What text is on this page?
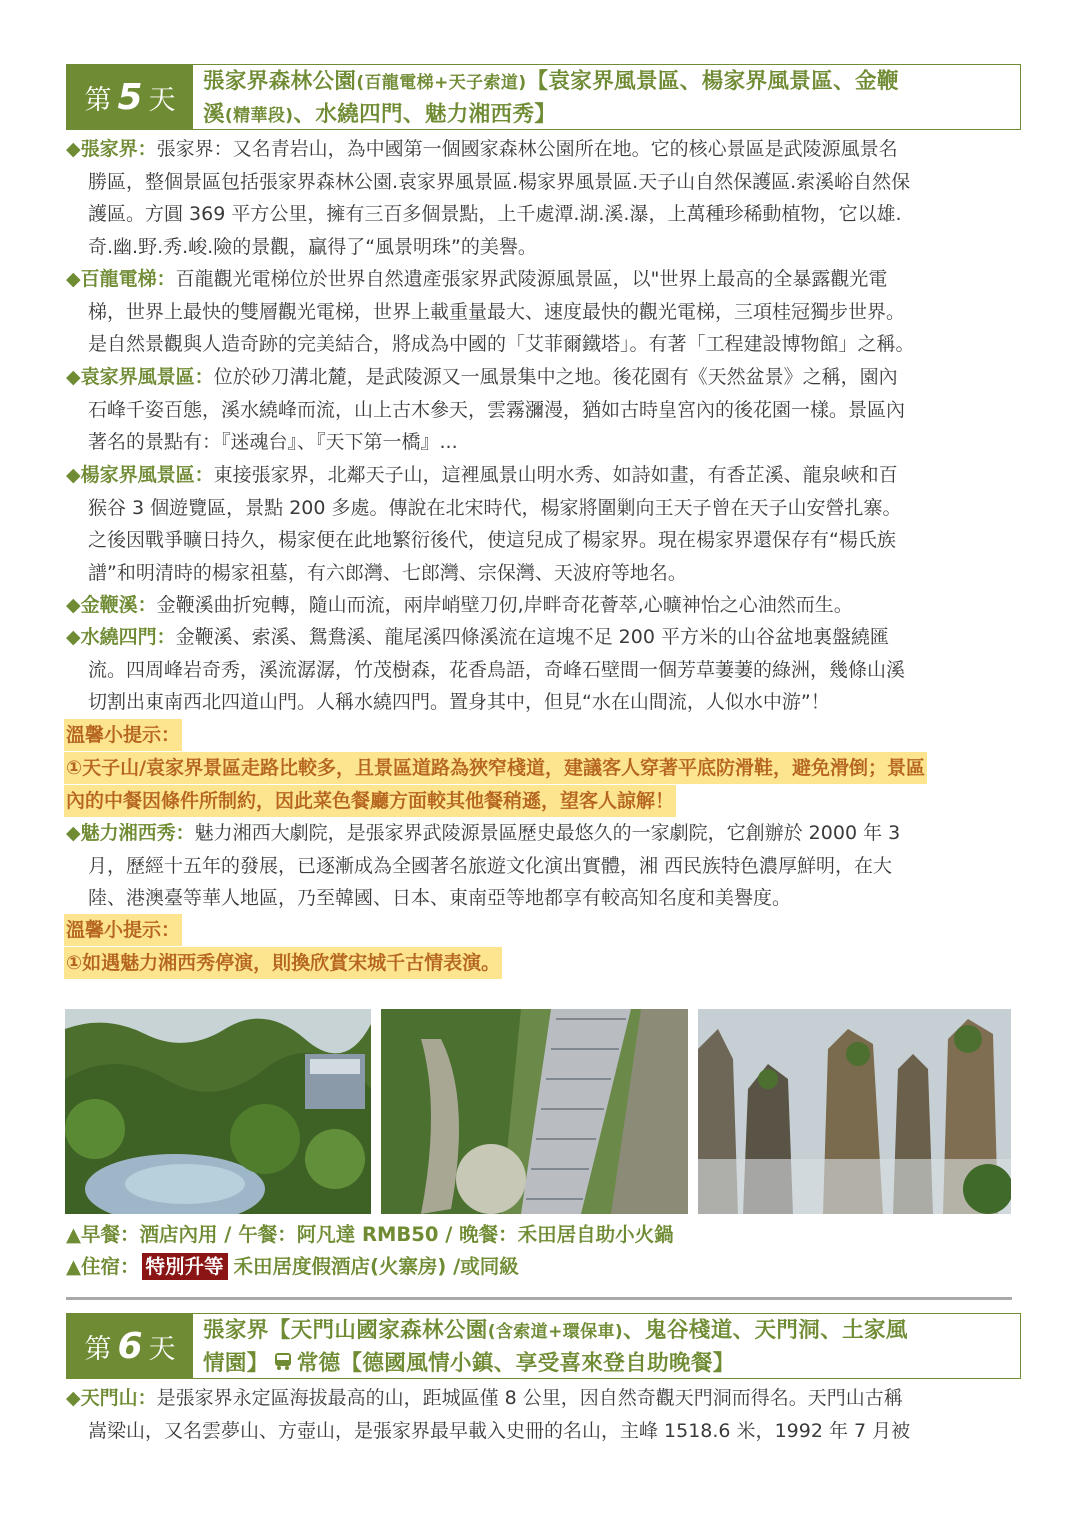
第 5 天
張家界森林公園(百龍電梯+天子索道)【袁家界風景區、楊家界風景區、金鞭
溪(精華段)、水繞四門、魅力湘西秀】
◆張家界：張家界：又名青岩山，為中國第一個國家森林公園所在地。它的核心景區是武陵源風景名
勝區，整個景區包括張家界森林公園.袁家界風景區.楊家界風景區.天子山自然保護區.索溪峪自然保
護區。方圓 369 平方公里，擁有三百多個景點，上千處潭.湖.溪.瀑，上萬種珍稀動植物，它以雄.
奇.幽.野.秀.峻.險的景觀，贏得了“風景明珠”的美譽。
◆百龍電梯：百龍觀光電梯位於世界自然遺產張家界武陵源風景區，以"世界上最高的全暴露觀光電
梯，世界上最快的雙層觀光電梯，世界上載重量最大、速度最快的觀光電梯，三項桂冠獨步世界。
是自然景觀與人造奇跡的完美結合，將成為中國的「艾菲爾鐵塔」。有著「工程建設博物館」之稱。
◆袁家界風景區：位於砂刀溝北麓，是武陵源又一風景集中之地。後花園有《天然盆景》之稱，園內
石峰千姿百態，溪水繞峰而流，山上古木參天，雲霧瀰漫，猶如古時皇宮內的後花園一樣。景區內
著名的景點有：『迷魂台』、『天下第一橋』...
◆楊家界風景區：東接張家界，北鄰天子山，這裡風景山明水秀、如詩如畫，有香芷溪、龍泉峽和百
猴谷 3 個遊覽區，景點 200 多處。傳說在北宋時代，楊家將圍剿向王天子曾在天子山安營扎寨。
之後因戰爭曠日持久，楊家便在此地繁衍後代，使這兒成了楊家界。現在楊家界還保存有“楊氏族
譜”和明清時的楊家祖墓，有六郎灣、七郎灣、宗保灣、天波府等地名。
◆金鞭溪：金鞭溪曲折宛轉，隨山而流，兩岸峭壁刀仞,岸畔奇花薈萃,心曠神怡之心油然而生。
◆水繞四門：金鞭溪、索溪、鴛鴦溪、龍尾溪四條溪流在這塊不足 200 平方米的山谷盆地裏盤繞匯
流。四周峰岩奇秀，溪流潺潺，竹茂樹森，花香鳥語，奇峰石壁間一個芳草萋萋的綠洲，幾條山溪
切割出東南西北四道山門。人稱水繞四門。置身其中，但見“水在山間流，人似水中游”！
溫馨小提示：
①天子山/袁家界景區走路比較多，且景區道路為狹窄棧道，建議客人穿著平底防滑鞋，避免滑倒；景區
內的中餐因條件所制約，因此菜色餐廳方面較其他餐稍遜，望客人諒解！
◆魅力湘西秀：魅力湘西大劇院，是張家界武陵源景區歷史最悠久的一家劇院，它創辦於 2000 年 3
月，歷經十五年的發展，已逐漸成為全國著名旅遊文化演出實體，湘 西民族特色濃厚鮮明，在大
陸、港澳臺等華人地區，乃至韓國、日本、東南亞等地都享有較高知名度和美譽度。
溫馨小提示：
①如遇魅力湘西秀停演，則換欣賞宋城千古情表演。
▲早餐：酒店內用 / 午餐：阿凡達 RMB50 / 晚餐：禾田居自助小火鍋
▲住宿： 特別升等 禾田居度假酒店(火寨房) /或同級
第 6 天
張家界【天門山國家森林公園(含索道+環保車)、鬼谷棧道、天門洞、土家風
情園】 常德【德國風情小鎮、享受喜來登自助晚餐】
◆天門山：是張家界永定區海拔最高的山，距城區僅 8 公里，因自然奇觀天門洞而得名。天門山古稱
嵩梁山，又名雲夢山、方壺山，是張家界最早載入史冊的名山，主峰 1518.6 米，1992 年 7 月被
